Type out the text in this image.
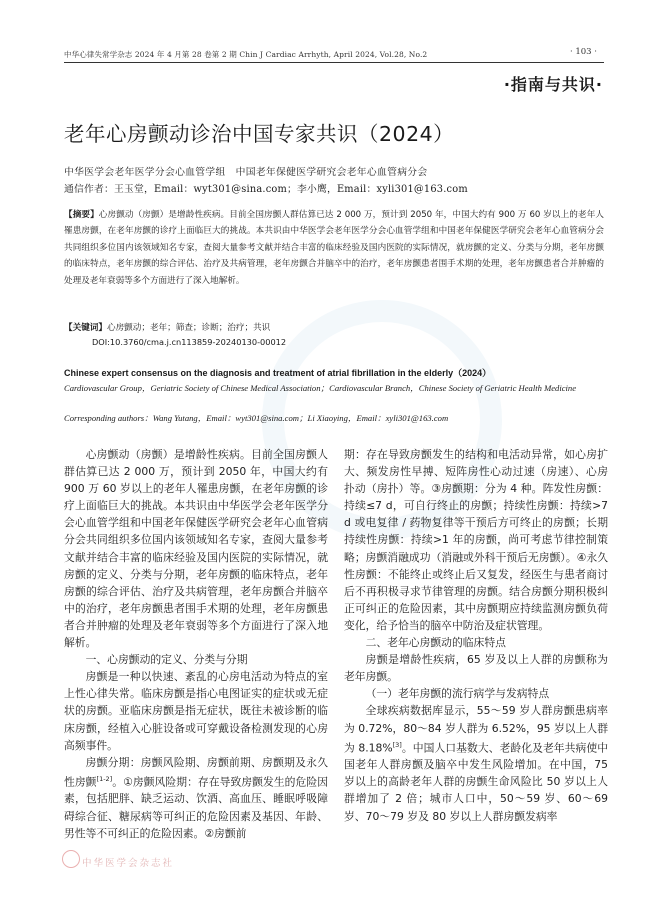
中华心律失常学杂志 2024 年 4 月第 28 卷第 2 期 Chin J Cardiac Arrhyth, April 2024, Vol.28, No.2	· 103 ·
·指南与共识·
老年心房颤动诊治中国专家共识（2024）
中华医学会老年医学分会心血管学组　中国老年保健医学研究会老年心血管病分会
通信作者：王玉堂，Email：wyt301@sina.com；李小鹰，Email：xyli301@163.com
【摘要】心房颤动（房颤）是增龄性疾病。目前全国房颤人群估算已达 2 000 万，预计到 2050 年，中国大约有 900 万 60 岁以上的老年人罹患房颤，在老年房颤的诊疗上面临巨大的挑战。本共识由中华医学会老年医学分会心血管学组和中国老年保健医学研究会老年心血管病分会共同组织多位国内该领域知名专家，查阅大量参考文献并结合丰富的临床经验及国内医院的实际情况，就房颤的定义、分类与分期，老年房颤的临床特点，老年房颤的综合评估、治疗及共病管理，老年房颤合并脑卒中的治疗，老年房颤患者围手术期的处理，老年房颤患者合并肿瘤的处理及老年衰弱等多个方面进行了深入地解析。
【关键词】心房颤动；老年；筛查；诊断；治疗；共识
DOI:10.3760/cma.j.cn113859-20240130-00012
Chinese expert consensus on the diagnosis and treatment of atrial fibrillation in the elderly（2024）
Cardiovascular Group，Geriatric Society of Chinese Medical Association；Cardiovascular Branch，Chinese Society of Geriatric Health Medicine
Corresponding authors：Wang Yutang，Email：wyt301@sina.com；Li Xiaoying，Email：xyli301@163.com

心房颤动（房颤）是增龄性疾病。目前全国房颤人群估算已达 2 000 万，预计到 2050 年，中国大约有 900 万 60 岁以上的老年人罹患房颤，在老年房颤的诊疗上面临巨大的挑战。本共识由中华医学会老年医学分会心血管学组和中国老年保健医学研究会老年心血管病分会共同组织多位国内该领域知名专家，查阅大量参考文献并结合丰富的临床经验及国内医院的实际情况，就房颤的定义、分类与分期，老年房颤的临床特点，老年房颤的综合评估、治疗及共病管理，老年房颤合并脑卒中的治疗，老年房颤患者围手术期的处理，老年房颤患者合并肿瘤的处理及老年衰弱等多个方面进行了深入地解析。

一、心房颤动的定义、分类与分期

房颤是一种以快速、紊乱的心房电活动为特点的室上性心律失常。临床房颤是指心电图证实的症状或无症状的房颤。亚临床房颤是指无症状，既往未被诊断的临床房颤，经植入心脏设备或可穿戴设备检测发现的心房高频事件。

房颤分期：房颤风险期、房颤前期、房颤期及永久性房颤[1-2]。①房颤风险期：存在导致房颤发生的危险因素，包括肥胖、缺乏运动、饮酒、高血压、睡眠呼吸障碍综合征、糖尿病等可纠正的危险因素及基因、年龄、男性等不可纠正的危险因素。②房颤前

期：存在导致房颤发生的结构和电活动异常，如心房扩大、频发房性早搏、短阵房性心动过速（房速）、心房扑动（房扑）等。③房颤期：分为 4 种。阵发性房颤：持续≤7 d，可自行终止的房颤；持续性房颤：持续>7 d 或电复律 / 药物复律等干预后方可终止的房颤；长期持续性房颤：持续>1 年的房颤，尚可考虑节律控制策略；房颤消融成功（消融或外科干预后无房颤）。④永久性房颤：不能终止或终止后又复发，经医生与患者商讨后不再积极寻求节律管理的房颤。结合房颤分期积极纠正可纠正的危险因素，其中房颤期应持续监测房颤负荷变化，给予恰当的脑卒中防治及症状管理。

二、老年心房颤动的临床特点

房颤是增龄性疾病，65 岁及以上人群的房颤称为老年房颤。

（一）老年房颤的流行病学与发病特点

全球疾病数据库显示，55～59 岁人群房颤患病率为 0.72%，80～84 岁人群为 6.52%，95 岁以上人群为 8.18%[3]。中国人口基数大、老龄化及老年共病使中国老年人群房颤及脑卒中发生风险增加。在中国，75 岁以上的高龄老年人群的房颤生命风险比 50 岁以上人群增加了 2 倍；城市人口中，50～59 岁、60～69 岁、70～79 岁及 80 岁以上人群房颤发病率

中华医学会杂志社
